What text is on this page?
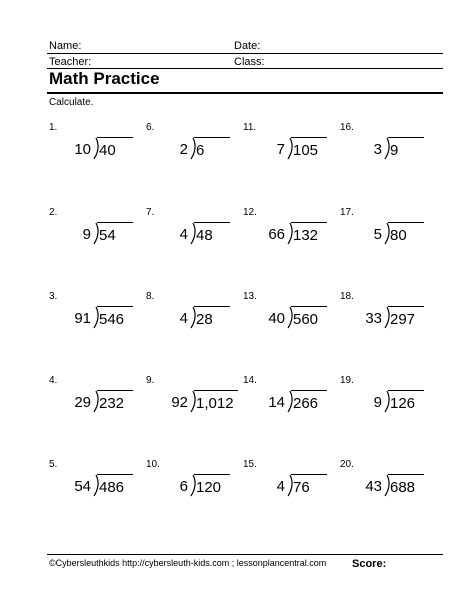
Name:	Date:
Teacher:	Class:
Math Practice
Calculate.
1.
10 40
2.
9 54
3.
91 546
4.
29 232
5.
54 486
6.
2 6
7.
4 48
8.
4 28
9.
92 1,012
10.
6 120
11.
7 105
12.
66 132
13.
40 560
14.
14 266
15.
4 76
16.
3 9
17.
5 80
18.
33 297
19.
9 126
20.
43 688
©Cybersleuthkids http://cybersleuth-kids.com ; lessonplancentral.com Score:
